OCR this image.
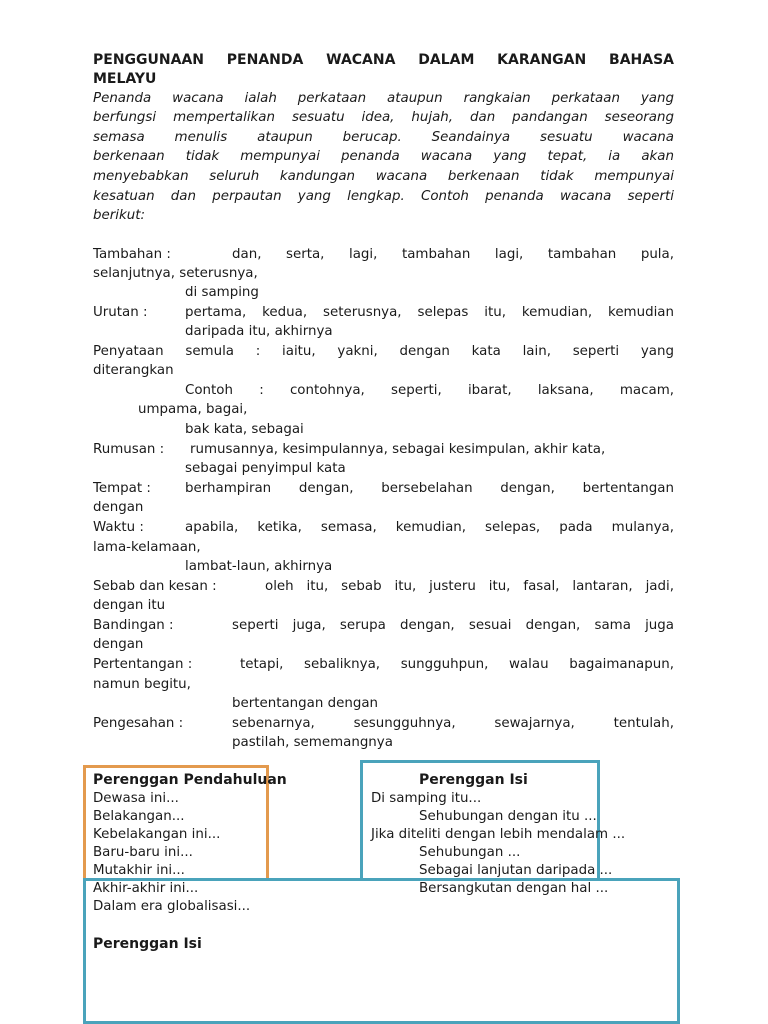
PENGGUNAAN PENANDA WACANA DALAM KARANGAN BAHASA
MELAYU
Penanda wacana ialah perkataan ataupun rangkaian perkataan yang
berfungsi mempertalikan sesuatu idea, hujah, dan pandangan seseorang
semasa menulis ataupun berucap. Seandainya sesuatu wacana
berkenaan tidak mempunyai penanda wacana yang tepat, ia akan
menyebabkan seluruh kandungan wacana berkenaan tidak mempunyai
kesatuan dan perpautan yang lengkap. Contoh penanda wacana seperti
berikut:
Tambahan :	dan, serta, lagi, tambahan lagi, tambahan pula,
selanjutnya, seterusnya,
di samping
Urutan :	pertama, kedua, seterusnya, selepas itu, kemudian, kemudian
daripada itu, akhirnya
Penyataan semula : iaitu, yakni, dengan kata lain, seperti yang
diterangkan
Contoh : contohnya, seperti, ibarat, laksana, macam,
umpama, bagai,
bak kata, sebagai
Rumusan : rumusannya, kesimpulannya, sebagai kesimpulan, akhir kata,
sebagai penyimpul kata
Tempat :	berhampiran dengan, bersebelahan dengan, bertentangan
dengan
Waktu :	apabila, ketika, semasa, kemudian, selepas, pada mulanya,
lama-kelamaan,
lambat-laun, akhirnya
Sebab dan kesan :	oleh itu, sebab itu, justeru itu, fasal, lantaran, jadi,
dengan itu
Bandingan :	seperti juga, serupa dengan, sesuai dengan, sama juga
dengan
Pertentangan :	tetapi, sebaliknya, sungguhpun, walau bagaimanapun,
namun begitu,
bertentangan dengan
Pengesahan :	sebenarnya, sesungguhnya, sewajarnya, tentulah,
pastilah, sememangnya
Perenggan Pendahuluan
Dewasa ini...
Belakangan...
Kebelakangan ini...
Baru-baru ini...
Mutakhir ini...
Akhir-akhir ini...
Dalam era globalisasi...
Perenggan Isi
Di samping itu...
Sehubungan dengan itu ...
Jika diteliti dengan lebih mendalam ...
Sehubungan ...
Sebagai lanjutan daripada ...
Bersangkutan dengan hal ...
Perenggan Isi
